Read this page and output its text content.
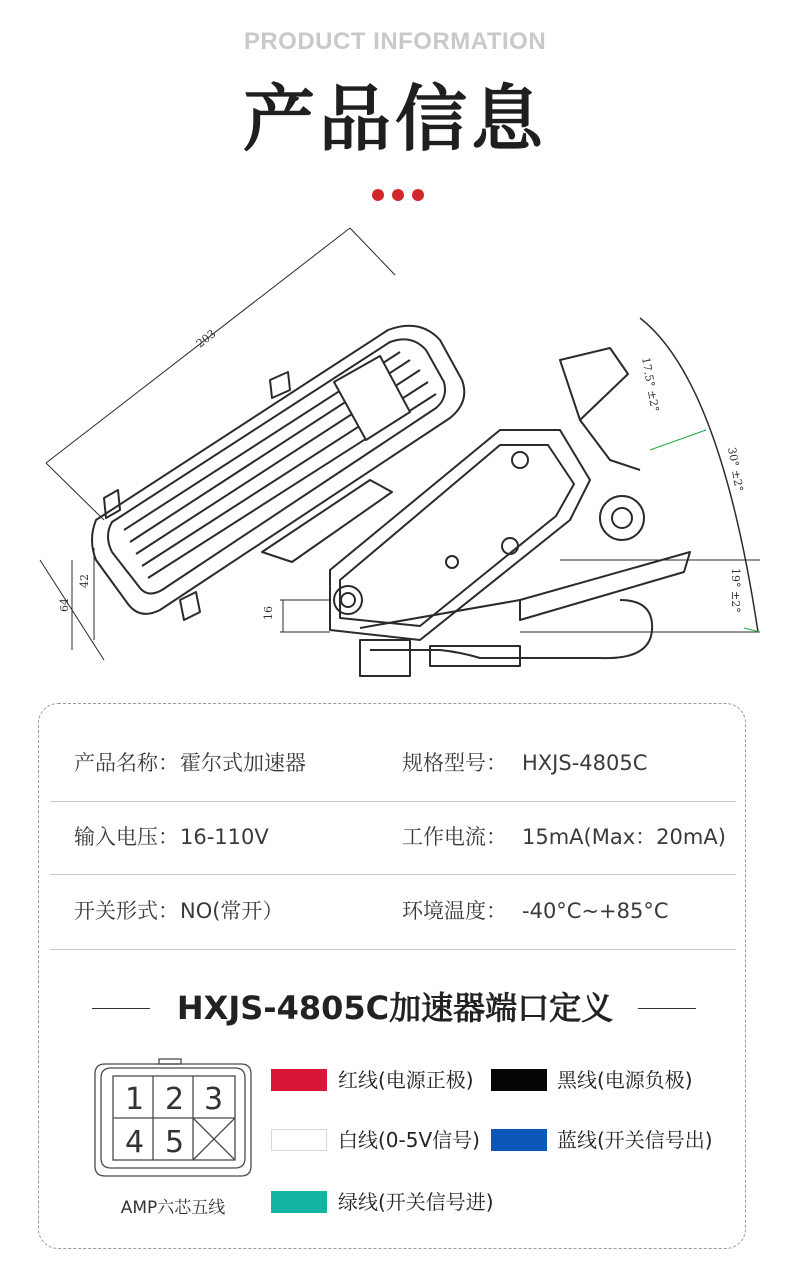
PRODUCT INFORMATION
产品信息
203
42
64
16
17.5° ±2°
30° ±2°
19° ±2°
产品名称： 霍尔式加速器	规格型号： HXJS-4805C
输入电压： 16-110V	工作电流： 15mA(Max：20mA)
开关形式： NO(常开）	环境温度： -40°C~+85°C
HXJS-4805C加速器端口定义
1 2 3
4 5
AMP六芯五线
红线(电源正极)	黑线(电源负极)
白线(0-5V信号)	蓝线(开关信号出)
绿线(开关信号进)
